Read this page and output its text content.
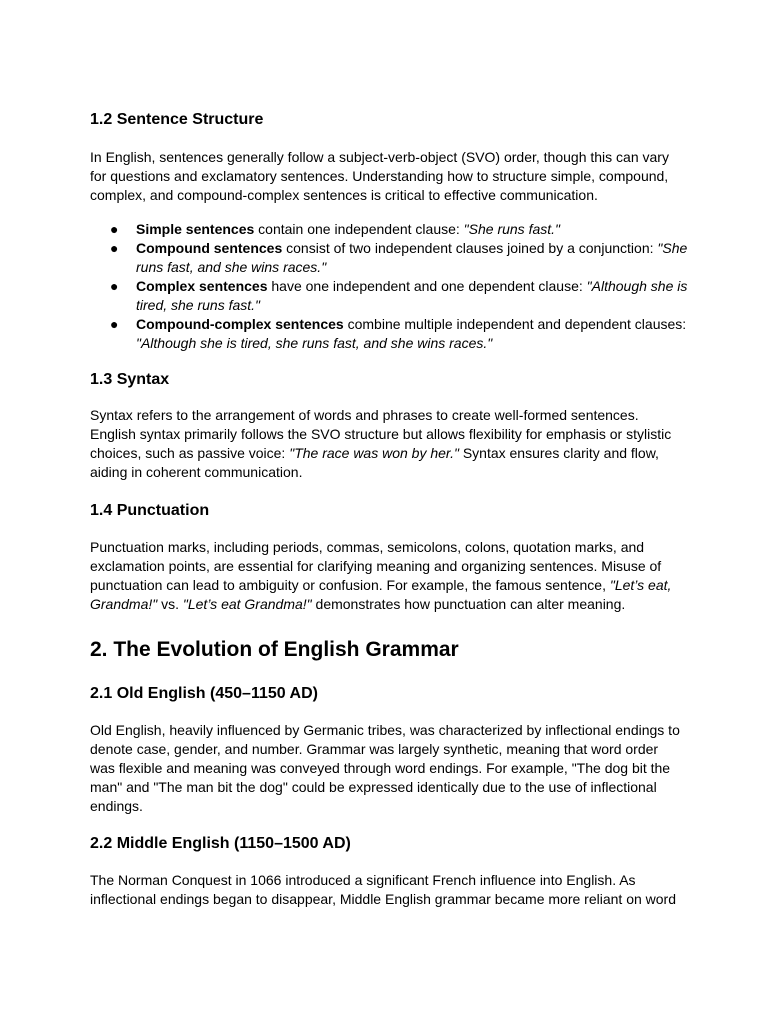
1.2 Sentence Structure

In English, sentences generally follow a subject-verb-object (SVO) order, though this can vary for questions and exclamatory sentences. Understanding how to structure simple, compound, complex, and compound-complex sentences is critical to effective communication.

● Simple sentences contain one independent clause: "She runs fast."
● Compound sentences consist of two independent clauses joined by a conjunction: "She runs fast, and she wins races."
● Complex sentences have one independent and one dependent clause: "Although she is tired, she runs fast."
● Compound-complex sentences combine multiple independent and dependent clauses: "Although she is tired, she runs fast, and she wins races."
1.3 Syntax

Syntax refers to the arrangement of words and phrases to create well-formed sentences. English syntax primarily follows the SVO structure but allows flexibility for emphasis or stylistic choices, such as passive voice: "The race was won by her." Syntax ensures clarity and flow, aiding in coherent communication.

1.4 Punctuation

Punctuation marks, including periods, commas, semicolons, colons, quotation marks, and exclamation points, are essential for clarifying meaning and organizing sentences. Misuse of punctuation can lead to ambiguity or confusion. For example, the famous sentence, "Let’s eat, Grandma!" vs. "Let’s eat Grandma!" demonstrates how punctuation can alter meaning.

2. The Evolution of English Grammar
2.1 Old English (450–1150 AD)

Old English, heavily influenced by Germanic tribes, was characterized by inflectional endings to denote case, gender, and number. Grammar was largely synthetic, meaning that word order was flexible and meaning was conveyed through word endings. For example, "The dog bit the man" and "The man bit the dog" could be expressed identically due to the use of inflectional endings.

2.2 Middle English (1150–1500 AD)

The Norman Conquest in 1066 introduced a significant French influence into English. As inflectional endings began to disappear, Middle English grammar became more reliant on word
